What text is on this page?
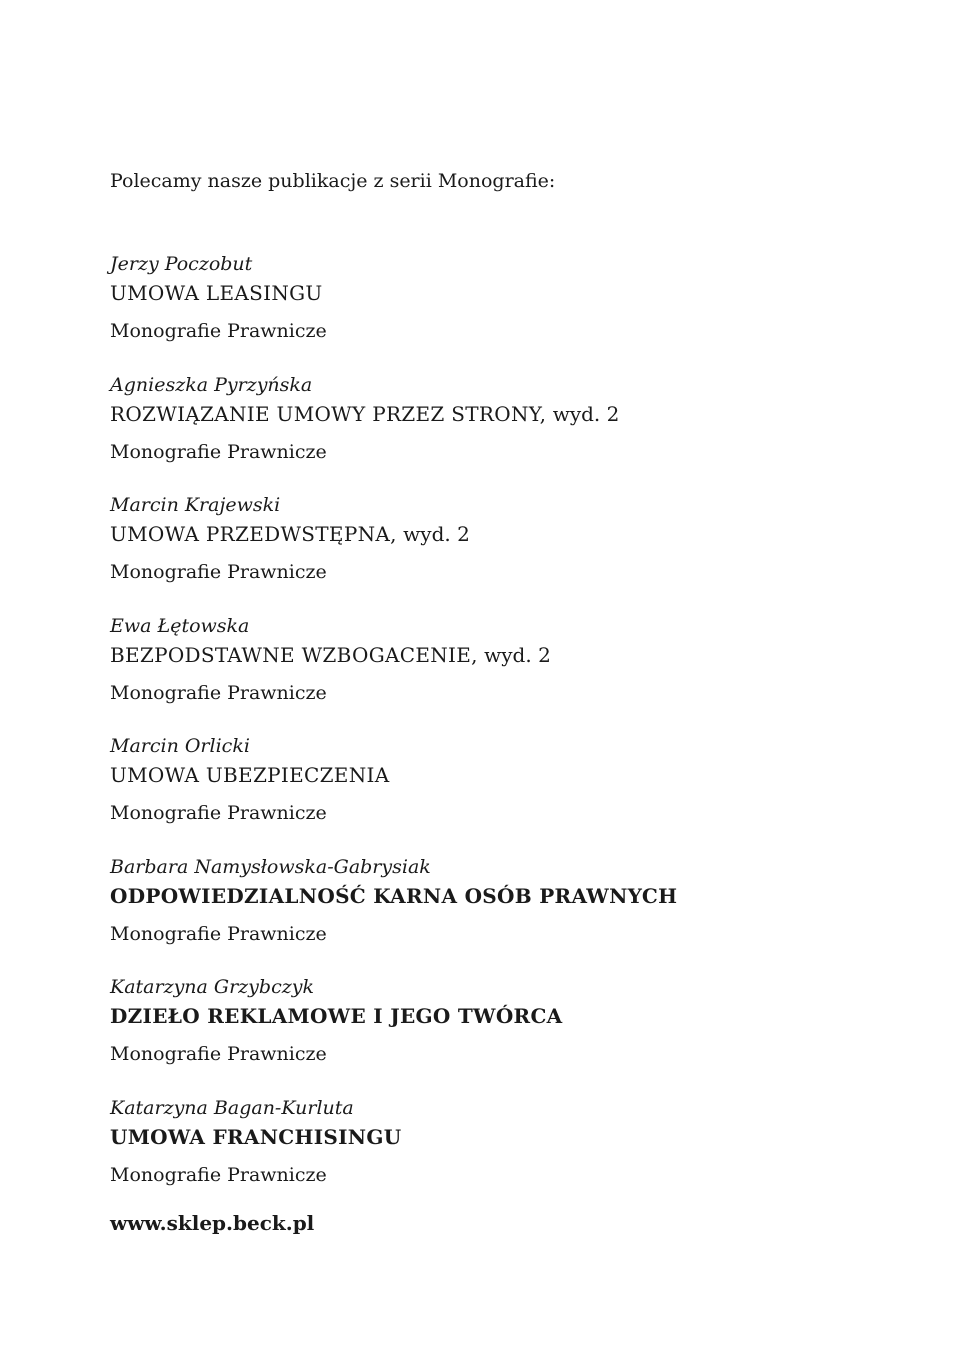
Polecamy nasze publikacje z serii Monografie:
Jerzy Poczobut
UMOWA LEASINGU
Monografie Prawnicze
Agnieszka Pyrzyńska
ROZWIĄZANIE UMOWY PRZEZ STRONY, wyd. 2
Monografie Prawnicze
Marcin Krajewski
UMOWA PRZEDWSTĘPNA, wyd. 2
Monografie Prawnicze
Ewa Łętowska
BEZPODSTAWNE WZBOGACENIE, wyd. 2
Monografie Prawnicze
Marcin Orlicki
UMOWA UBEZPIECZENIA
Monografie Prawnicze
Barbara Namysłowska-Gabrysiak
ODPOWIEDZIALNOŚĆ KARNA OSÓB PRAWNYCH
Monografie Prawnicze
Katarzyna Grzybczyk
DZIEŁO REKLAMOWE I JEGO TWÓRCA
Monografie Prawnicze
Katarzyna Bagan-Kurluta
UMOWA FRANCHISINGU
Monografie Prawnicze
www.sklep.beck.pl
